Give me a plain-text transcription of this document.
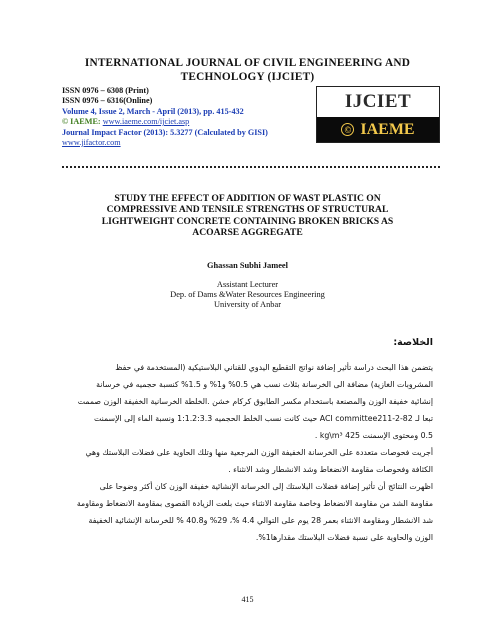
INTERNATIONAL JOURNAL OF CIVIL ENGINEERING AND
TECHNOLOGY (IJCIET)
ISSN 0976 – 6308 (Print)
ISSN 0976 – 6316(Online)
Volume 4, Issue 2, March - April (2013), pp. 415-432
© IAEME: www.iaeme.com/ijciet.asp
Journal Impact Factor (2013): 5.3277 (Calculated by GISI)
www.jifactor.com
IJCIET
© IAEME
STUDY THE EFFECT OF ADDITION OF WAST PLASTIC ON
COMPRESSIVE AND TENSILE STRENGTHS OF STRUCTURAL
LIGHTWEIGHT CONCRETE CONTAINING BROKEN BRICKS AS
ACOARSE AGGREGATE
Ghassan Subhi Jameel
Assistant Lecturer
Dep. of Dams &Water Resources Engineering
University of Anbar
الخلاصة:
يتضمن هذا البحث دراسة تأثير إضافة نواتج التقطيع اليدوي للقناني البلاستيكية (المستخدمة في حفظ
المشروبات الغازية) مضافة الى الخرسانة بثلاث نسب هي 0.5% و1% و 1.5% كنسبة حجميه في خرسانة
إنشائية خفيفة الوزن والمصنعة باستخدام مكسر الطابوق كركام خشن .الخلطة الخرسانية الخفيفة الوزن صممت
تبعا لـ ACI committee211-2-82 حيث كانت نسب الخلط الحجميه 1:1.2:3.3 ونسبة الماء إلى الإسمنت
0.5 ومحتوى الإسمنت 425 kg\m³ .
أجريت فحوصات متعددة على الخرسانة الخفيفة الوزن المرجعية منها وتلك الحاوية على فضلات البلاستك وهي
الكثافة وفحوصات مقاومة الانضغاط وشد الانشطار وشد الانثناء .
اظهرت النتائج أن تأثير إضافة فضلات البلاستك إلى الخرسانة الإنشائية خفيفة الوزن كان أكثر وضوحا على
مقاومة الشد من مقاومة الانضغاط وخاصة مقاومة الانثناء حيث بلغت الزيادة القصوى بمقاومة الانضغاط ومقاومة
شد الانشطار ومقاومة الانثناء بعمر 28 يوم على التوالي 4.4 %، 29% و40.8 % للخرسانة الإنشائية الخفيفة
الوزن والحاوية على نسبة فضلات البلاستك مقدارها1%.
415
